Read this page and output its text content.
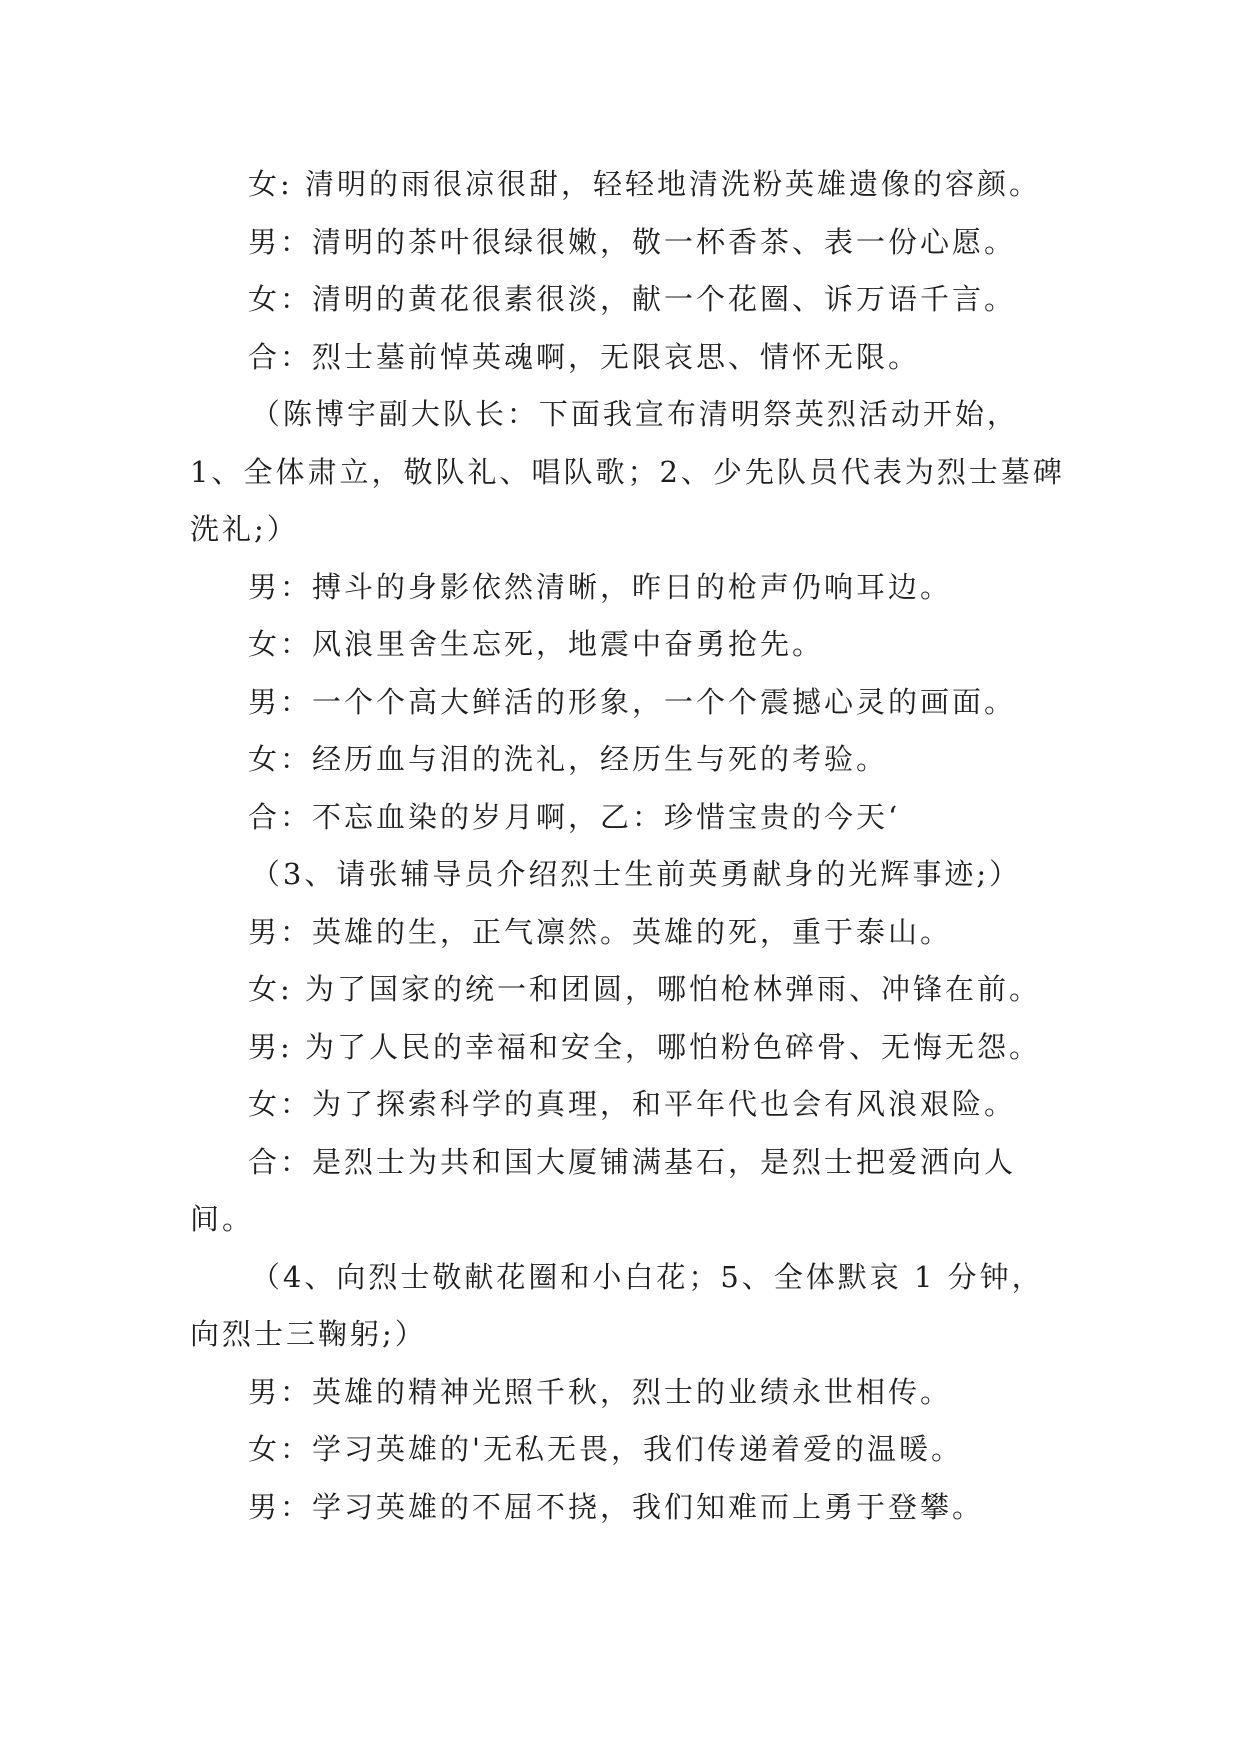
女: 清明的雨很凉很甜，轻轻地清洗粉英雄遗像的容颜。

男：清明的茶叶很绿很嫩，敬一杯香茶、表一份心愿。

女：清明的黄花很素很淡，献一个花圈、诉万语千言。

合：烈士墓前悼英魂啊，无限哀思、情怀无限。

（陈博宇副大队长：下面我宣布清明祭英烈活动开始，1、全体肃立，敬队礼、唱队歌；2、少先队员代表为烈士墓碑洗礼;）

男：搏斗的身影依然清晰，昨日的枪声仍响耳边。

女：风浪里舍生忘死，地震中奋勇抢先。

男：一个个高大鲜活的形象，一个个震撼心灵的画面。

女：经历血与泪的洗礼，经历生与死的考验。

合：不忘血染的岁月啊，乙：珍惜宝贵的今天‘

（3、请张辅导员介绍烈士生前英勇献身的光辉事迹;）

男：英雄的生，正气凛然。英雄的死，重于泰山。

女: 为了国家的统一和团圆，哪怕枪林弹雨、冲锋在前。

男: 为了人民的幸福和安全，哪怕粉色碎骨、无悔无怨。

女：为了探索科学的真理，和平年代也会有风浪艰险。

合：是烈士为共和国大厦铺满基石，是烈士把爱洒向人间。

（4、向烈士敬献花圈和小白花；5、全体默哀 1 分钟，向烈士三鞠躬;）

男：英雄的精神光照千秋，烈士的业绩永世相传。

女：学习英雄的'无私无畏，我们传递着爱的温暖。

男：学习英雄的不屈不挠，我们知难而上勇于登攀。
